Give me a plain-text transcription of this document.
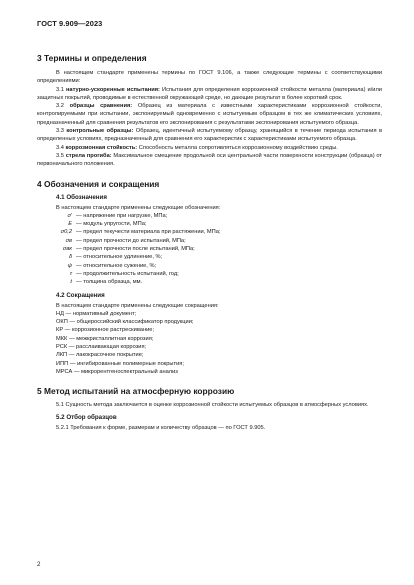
ГОСТ 9.909—2023
3 Термины и определения

В настоящем стандарте применены термины по ГОСТ 9.106, а также следующие термины с соответствующими определениями:

3.1 натурно-ускоренные испытания: Испытания для определения коррозионной стойкости металла (материала) и/или защитных покрытий, проводимые в естественной окружающей среде, но дающие результат в более короткий срок.

3.2 образцы сравнения: Образец из материала с известными характеристиками коррозионной стойкости, контролируемыми при испытании, экспонируемый одновременно с испытуемым образцом в тех же климатических условиях, предназначенный для сравнения результатов его экспонирования с результатами экспонирования испытуемого образца.

3.3 контрольные образцы: Образец, идентичный испытуемому образцу, хранящийся в течение периода испытания в определенных условиях, предназначенный для сравнения его характеристик с характеристиками испытуемого образца.

3.4 коррозионная стойкость: Способность металла сопротивляться коррозионному воздействию среды.

3.5 стрела прогиба: Максимальное смещение продольной оси центральной части поверхности конструкции (образца) от первоначального положения.

4 Обозначения и сокращения
4.1 Обозначения

В настоящем стандарте применены следующие обозначения:

σ′ — напряжение при нагрузке, МПа;
E — модуль упругости, МПа;
σ0,2 — предел текучести материала при растяжении, МПа;
σв — предел прочности до испытаний, МПа;
σвк — предел прочности после испытаний, МПа;
δ — относительное удлинение, %;
ψ — относительное сужение, %;
τ — продолжительность испытаний, год;
t — толщина образца, мм.
4.2 Сокращения

В настоящем стандарте применены следующие сокращения:

НД — нормативный документ;
ОКП — общероссийский классификатор продукции;
КР — коррозионное растрескивание;
МКК — межкристаллитная коррозия;
РСК — расслаивающая коррозия;
ЛКП — лакокрасочное покрытие;
ИПП — ингибированные полимерные покрытия;
МРСА — микрорентгеноспектральный анализ
5 Метод испытаний на атмосферную коррозию

5.1 Сущность метода заключается в оценке коррозионной стойкости испытуемых образцов в атмосферных условиях.

5.2 Отбор образцов

5.2.1 Требования к форме, размерам и количеству образцов — по ГОСТ 9.905.

2
